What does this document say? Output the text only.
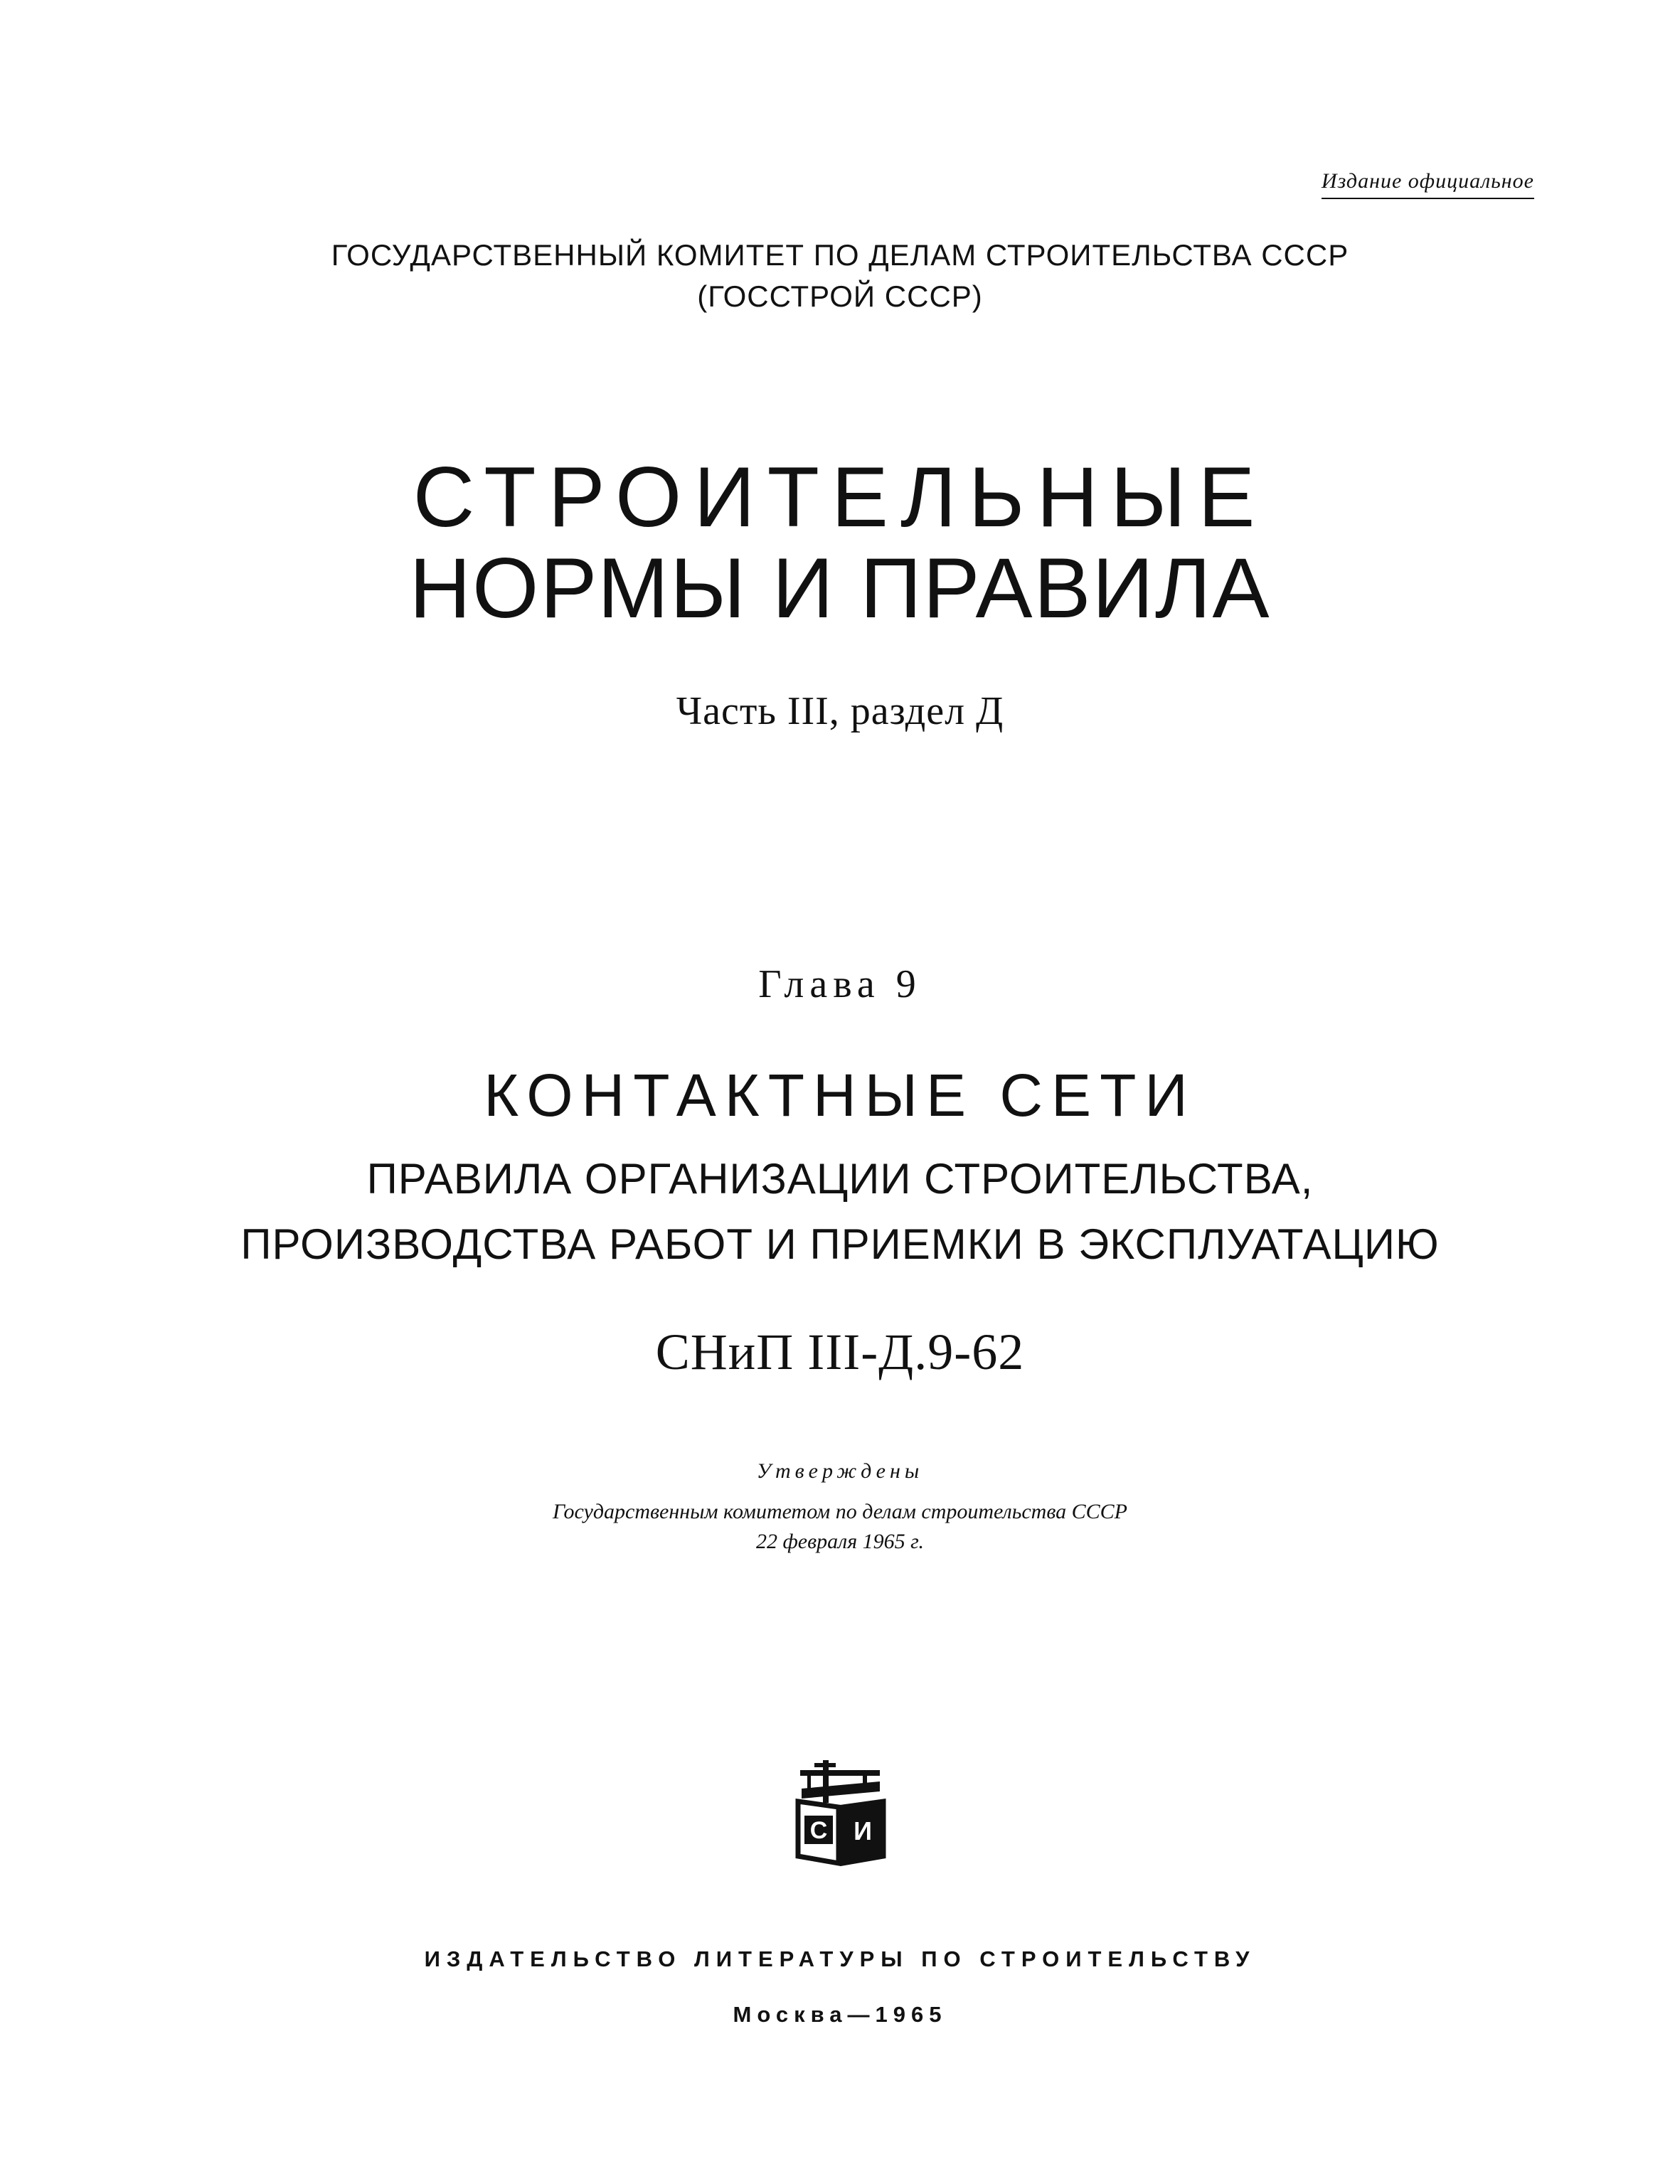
Издание официальное
ГОСУДАРСТВЕННЫЙ КОМИТЕТ ПО ДЕЛАМ СТРОИТЕЛЬСТВА СССР
(ГОССТРОЙ СССР)
СТРОИТЕЛЬНЫЕ
НОРМЫ И ПРАВИЛА
Часть III, раздел Д
Глава 9
КОНТАКТНЫЕ СЕТИ
ПРАВИЛА ОРГАНИЗАЦИИ СТРОИТЕЛЬСТВА,
ПРОИЗВОДСТВА РАБОТ И ПРИЕМКИ В ЭКСПЛУАТАЦИЮ
СНиП III-Д.9-62
Утверждены
Государственным комитетом по делам строительства СССР
22 февраля 1965 г.
С И
ИЗДАТЕЛЬСТВО ЛИТЕРАТУРЫ ПО СТРОИТЕЛЬСТВУ
Москва—1965
